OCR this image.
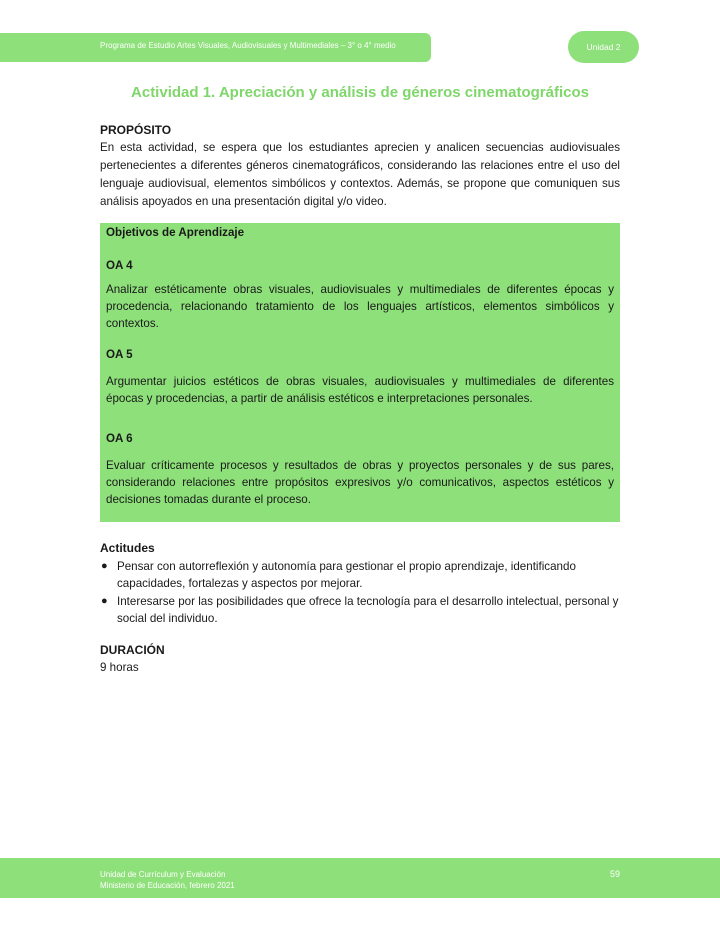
Programa de Estudio Artes Visuales, Audiovisuales y Multimediales – 3° o 4° medio	Unidad 2
Actividad 1. Apreciación y análisis de géneros cinematográficos
PROPÓSITO
En esta actividad, se espera que los estudiantes aprecien y analicen secuencias audiovisuales pertenecientes a diferentes géneros cinematográficos, considerando las relaciones entre el uso del lenguaje audiovisual, elementos simbólicos y contextos. Además, se propone que comuniquen sus análisis apoyados en una presentación digital y/o video.
Objetivos de Aprendizaje
OA 4
Analizar estéticamente obras visuales, audiovisuales y multimediales de diferentes épocas y procedencia, relacionando tratamiento de los lenguajes artísticos, elementos simbólicos y contextos.
OA 5
Argumentar juicios estéticos de obras visuales, audiovisuales y multimediales de diferentes épocas y procedencias, a partir de análisis estéticos e interpretaciones personales.
OA 6
Evaluar críticamente procesos y resultados de obras y proyectos personales y de sus pares, considerando relaciones entre propósitos expresivos y/o comunicativos, aspectos estéticos y decisiones tomadas durante el proceso.
Actitudes
● Pensar con autorreflexión y autonomía para gestionar el propio aprendizaje, identificando capacidades, fortalezas y aspectos por mejorar.
● Interesarse por las posibilidades que ofrece la tecnología para el desarrollo intelectual, personal y social del individuo.
DURACIÓN
9 horas
Unidad de Currículum y Evaluación
Ministerio de Educación, febrero 2021
59
